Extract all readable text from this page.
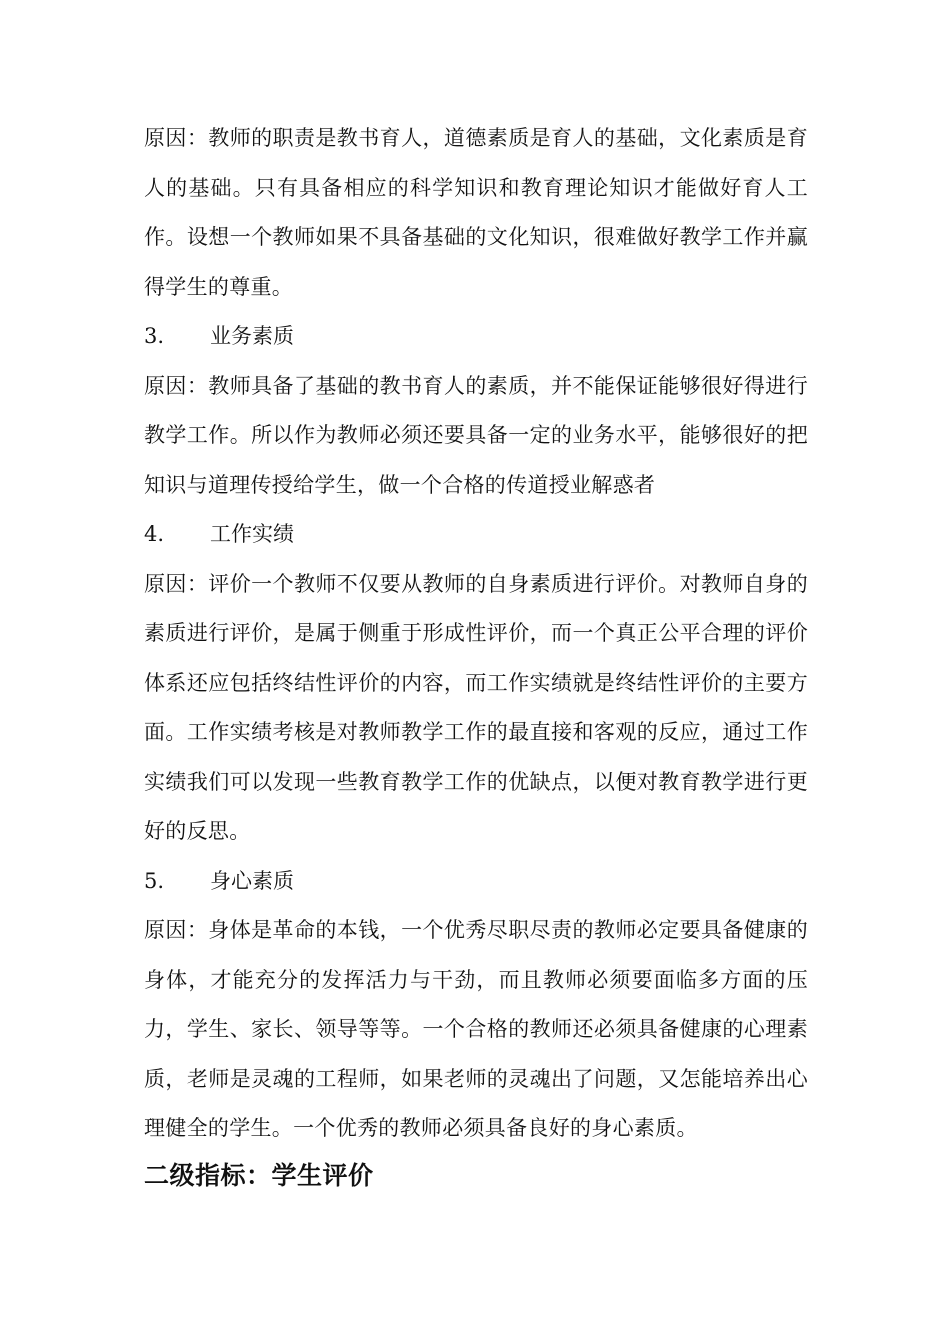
原因：教师的职责是教书育人，道德素质是育人的基础，文化素质是育人的基础。只有具备相应的科学知识和教育理论知识才能做好育人工作。设想一个教师如果不具备基础的文化知识，很难做好教学工作并赢得学生的尊重。

3.	业务素质

原因：教师具备了基础的教书育人的素质，并不能保证能够很好得进行教学工作。所以作为教师必须还要具备一定的业务水平，能够很好的把知识与道理传授给学生，做一个合格的传道授业解惑者

4.	工作实绩

原因：评价一个教师不仅要从教师的自身素质进行评价。对教师自身的素质进行评价，是属于侧重于形成性评价，而一个真正公平合理的评价体系还应包括终结性评价的内容，而工作实绩就是终结性评价的主要方面。工作实绩考核是对教师教学工作的最直接和客观的反应，通过工作实绩我们可以发现一些教育教学工作的优缺点，以便对教育教学进行更好的反思。

5.	身心素质

原因：身体是革命的本钱，一个优秀尽职尽责的教师必定要具备健康的身体，才能充分的发挥活力与干劲，而且教师必须要面临多方面的压力，学生、家长、领导等等。一个合格的教师还必须具备健康的心理素质，老师是灵魂的工程师，如果老师的灵魂出了问题，又怎能培养出心理健全的学生。一个优秀的教师必须具备良好的身心素质。

二级指标：学生评价
